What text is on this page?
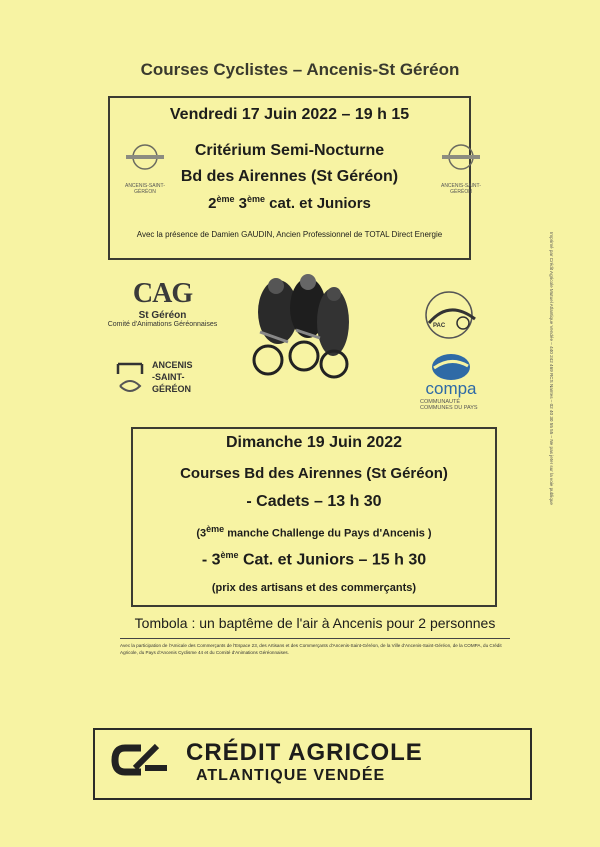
Courses Cyclistes – Ancenis-St Géréon
Vendredi 17 Juin 2022 – 19 h 15
Critérium Semi-Nocturne
Bd des Airennes (St Géréon)
2ème 3ème cat. et Juniors
Avec la présence de Damien GAUDIN, Ancien Professionnel de TOTAL Direct Energie
ANCENIS-SAINT-GÉRÉON
ANCENIS-SAINT-GÉRÉON
CAG
St Géréon
Comité d'Animations Géréonnaises
ANCENIS
-SAINT-
GÉRÉON
PAC
compa
COMMUNAUTÉ
COMMUNES DU PAYS
Dimanche 19 Juin 2022
Courses Bd des Airennes (St Géréon)
- Cadets – 13 h 30
(3ème manche Challenge du Pays d'Ancenis )
- 3ème Cat. et Juniors – 15 h 30
(prix des artisans et des commerçants)
Tombola : un baptême de l'air à Ancenis pour 2 personnes
Avec la participation de l'Amicale des Commerçants de l'Espace 23, des Artisans et des Commerçants d'Ancenis-Saint-Géréon, de la Ville d'Ancenis-Saint-Géréon, de la COMPA, du Crédit Agricole, du Pays d'Ancenis Cyclisme 44 et du Comité d'Animations Géréonnaises.
Imprimé par Crédit Agricole Mutuel Atlantique Vendée – 440 242 469 RCS Nantes – 02 40 30 55 55 – Ne pas jeter sur la voie publique
CRÉDIT AGRICOLE
ATLANTIQUE VENDÉE
